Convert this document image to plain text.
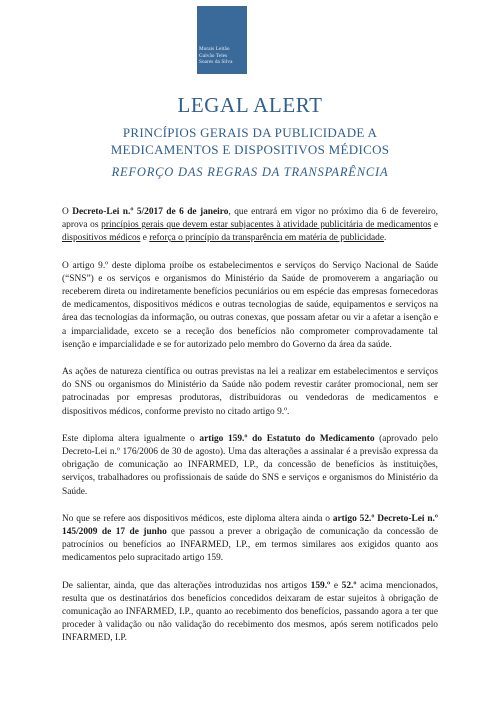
Morais Leitão
Galvão Teles
Soares da Silva
LEGAL ALERT
PRINCÍPIOS GERAIS DA PUBLICIDADE A
MEDICAMENTOS E DISPOSITIVOS MÉDICOS
REFORÇO DAS REGRAS DA TRANSPARÊNCIA

O Decreto-Lei n.º 5/2017 de 6 de janeiro, que entrará em vigor no próximo dia 6 de fevereiro, aprova os princípios gerais que devem estar subjacentes à atividade publicitária de medicamentos e dispositivos médicos e reforça o princípio da transparência em matéria de publicidade.

O artigo 9.º deste diploma proíbe os estabelecimentos e serviços do Serviço Nacional de Saúde (“SNS”) e os serviços e organismos do Ministério da Saúde de promoverem a angariação ou receberem direta ou indiretamente benefícios pecuniários ou em espécie das empresas fornecedoras de medicamentos, dispositivos médicos e outras tecnologias de saúde, equipamentos e serviços na área das tecnologias da informação, ou outras conexas, que possam afetar ou vir a afetar a isenção e a imparcialidade, exceto se a receção dos benefícios não comprometer comprovadamente tal isenção e imparcialidade e se for autorizado pelo membro do Governo da área da saúde.

As ações de natureza científica ou outras previstas na lei a realizar em estabelecimentos e serviços do SNS ou organismos do Ministério da Saúde não podem revestir caráter promocional, nem ser patrocinadas por empresas produtoras, distribuidoras ou vendedoras de medicamentos e dispositivos médicos, conforme previsto no citado artigo 9.º.

Este diploma altera igualmente o artigo 159.º do Estatuto do Medicamento (aprovado pelo Decreto-Lei n.º 176/2006 de 30 de agosto). Uma das alterações a assinalar é a previsão expressa da obrigação de comunicação ao INFARMED, I.P., da concessão de benefícios às instituições, serviços, trabalhadores ou profissionais de saúde do SNS e serviços e organismos do Ministério da Saúde.

No que se refere aos dispositivos médicos, este diploma altera ainda o artigo 52.º Decreto-Lei n.º 145/2009 de 17 de junho que passou a prever a obrigação de comunicação da concessão de patrocínios ou benefícios ao INFARMED, I.P., em termos similares aos exigidos quanto aos medicamentos pelo supracitado artigo 159.

De salientar, ainda, que das alterações introduzidas nos artigos 159.º e 52.º acima mencionados, resulta que os destinatários dos benefícios concedidos deixaram de estar sujeitos à obrigação de comunicação ao INFARMED, I.P., quanto ao recebimento dos benefícios, passando agora a ter que proceder à validação ou não validação do recebimento dos mesmos, após serem notificados pelo INFARMED, I.P.
